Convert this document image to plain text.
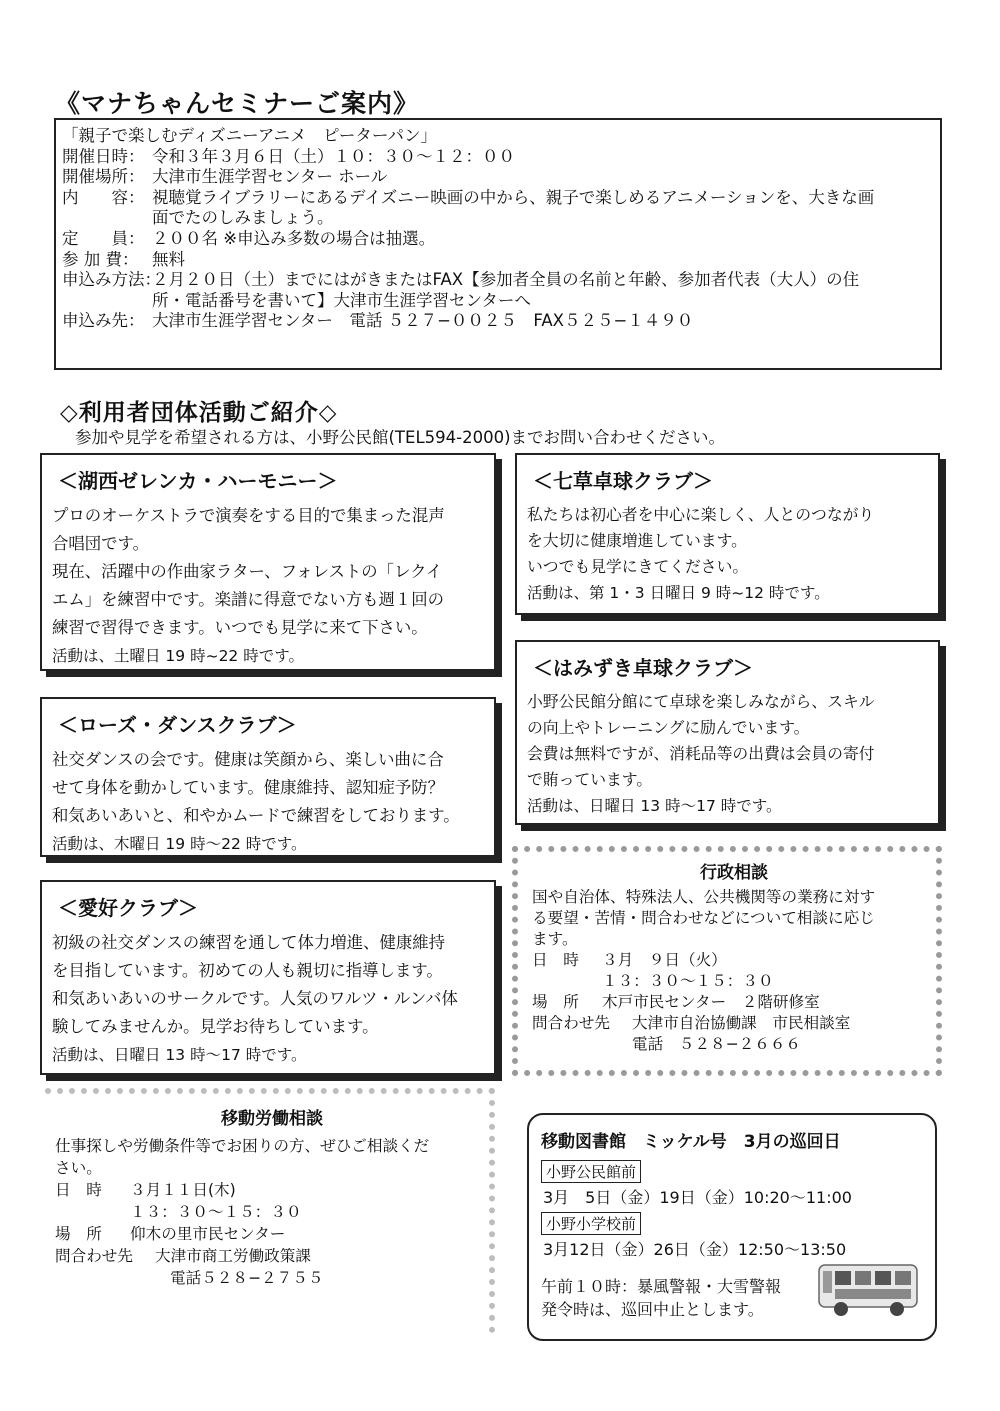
《マナちゃんセミナーご案内》
「親子で楽しむディズニーアニメ　ピーターパン」
開催日時： 令和３年３月６日（土）１０：３０～１２：００
開催場所： 大津市生涯学習センター ホール
内　　容： 視聴覚ライブラリーにあるデイズニー映画の中から、親子で楽しめるアニメーションを、大きな画
面でたのしみましょう。
定　　員： ２００名 ※申込み多数の場合は抽選。
参 加 費： 無料
申込み方法：２月２０日（土）までにはがきまたはFAX【参加者全員の名前と年齢、参加者代表（大人）の住
所・電話番号を書いて】大津市生涯学習センターへ
申込み先： 大津市生涯学習センター　電話 ５２７−００２５　FAX５２５−１４９０
◇利用者団体活動ご紹介◇
参加や見学を希望される方は、小野公民館(TEL594-2000)までお問い合わせください。
＜湖西ゼレンカ・ハーモニー＞
プロのオーケストラで演奏をする目的で集まった混声
合唱団です。
現在、活躍中の作曲家ラター、フォレストの「レクイ
エム」を練習中です。楽譜に得意でない方も週１回の
練習で習得できます。いつでも見学に来て下さい。
活動は、土曜日 19 時~22 時です。
＜ローズ・ダンスクラブ＞
社交ダンスの会です。健康は笑顔から、楽しい曲に合
せて身体を動かしています。健康維持、認知症予防？
和気あいあいと、和やかムードで練習をしております。
活動は、木曜日 19 時～22 時です。
＜愛好クラブ＞
初級の社交ダンスの練習を通して体力増進、健康維持
を目指しています。初めての人も親切に指導します。
和気あいあいのサークルです。人気のワルツ・ルンバ体
験してみませんか。見学お待ちしています。
活動は、日曜日 13 時～17 時です。
＜七草卓球クラブ＞
私たちは初心者を中心に楽しく、人とのつながり
を大切に健康増進しています。
いつでも見学にきてください。
活動は、第 1・3 日曜日 9 時~12 時です。
＜はみずき卓球クラブ＞
小野公民館分館にて卓球を楽しみながら、スキル
の向上やトレーニングに励んでいます。
会費は無料ですが、消耗品等の出費は会員の寄付
で賄っています。
活動は、日曜日 13 時～17 時です。
行政相談
国や自治体、特殊法人、公共機関等の業務に対す
る要望・苦情・問合わせなどについて相談に応じ
ます。
日　時 ３月　９日（火）
１３：３０～１５：３０
場　所 木戸市民センター　２階研修室
問合わせ先 大津市自治協働課　市民相談室
電話　５２８−２６６６
移動労働相談
仕事探しや労働条件等でお困りの方、ぜひご相談くだ
さい。
日　時 ３月１１日(木)
１３：３０～１５：３０
場　所 仰木の里市民センター
問合わせ先 大津市商工労働政策課
電話５２８−２７５５
移動図書館　ミッケル号　3月の巡回日
小野公民館前
3月　5日（金）19日（金）10:20～11:00
小野小学校前
3月12日（金）26日（金）12:50～13:50
午前１０時：暴風警報・大雪警報
発令時は、巡回中止とします。
